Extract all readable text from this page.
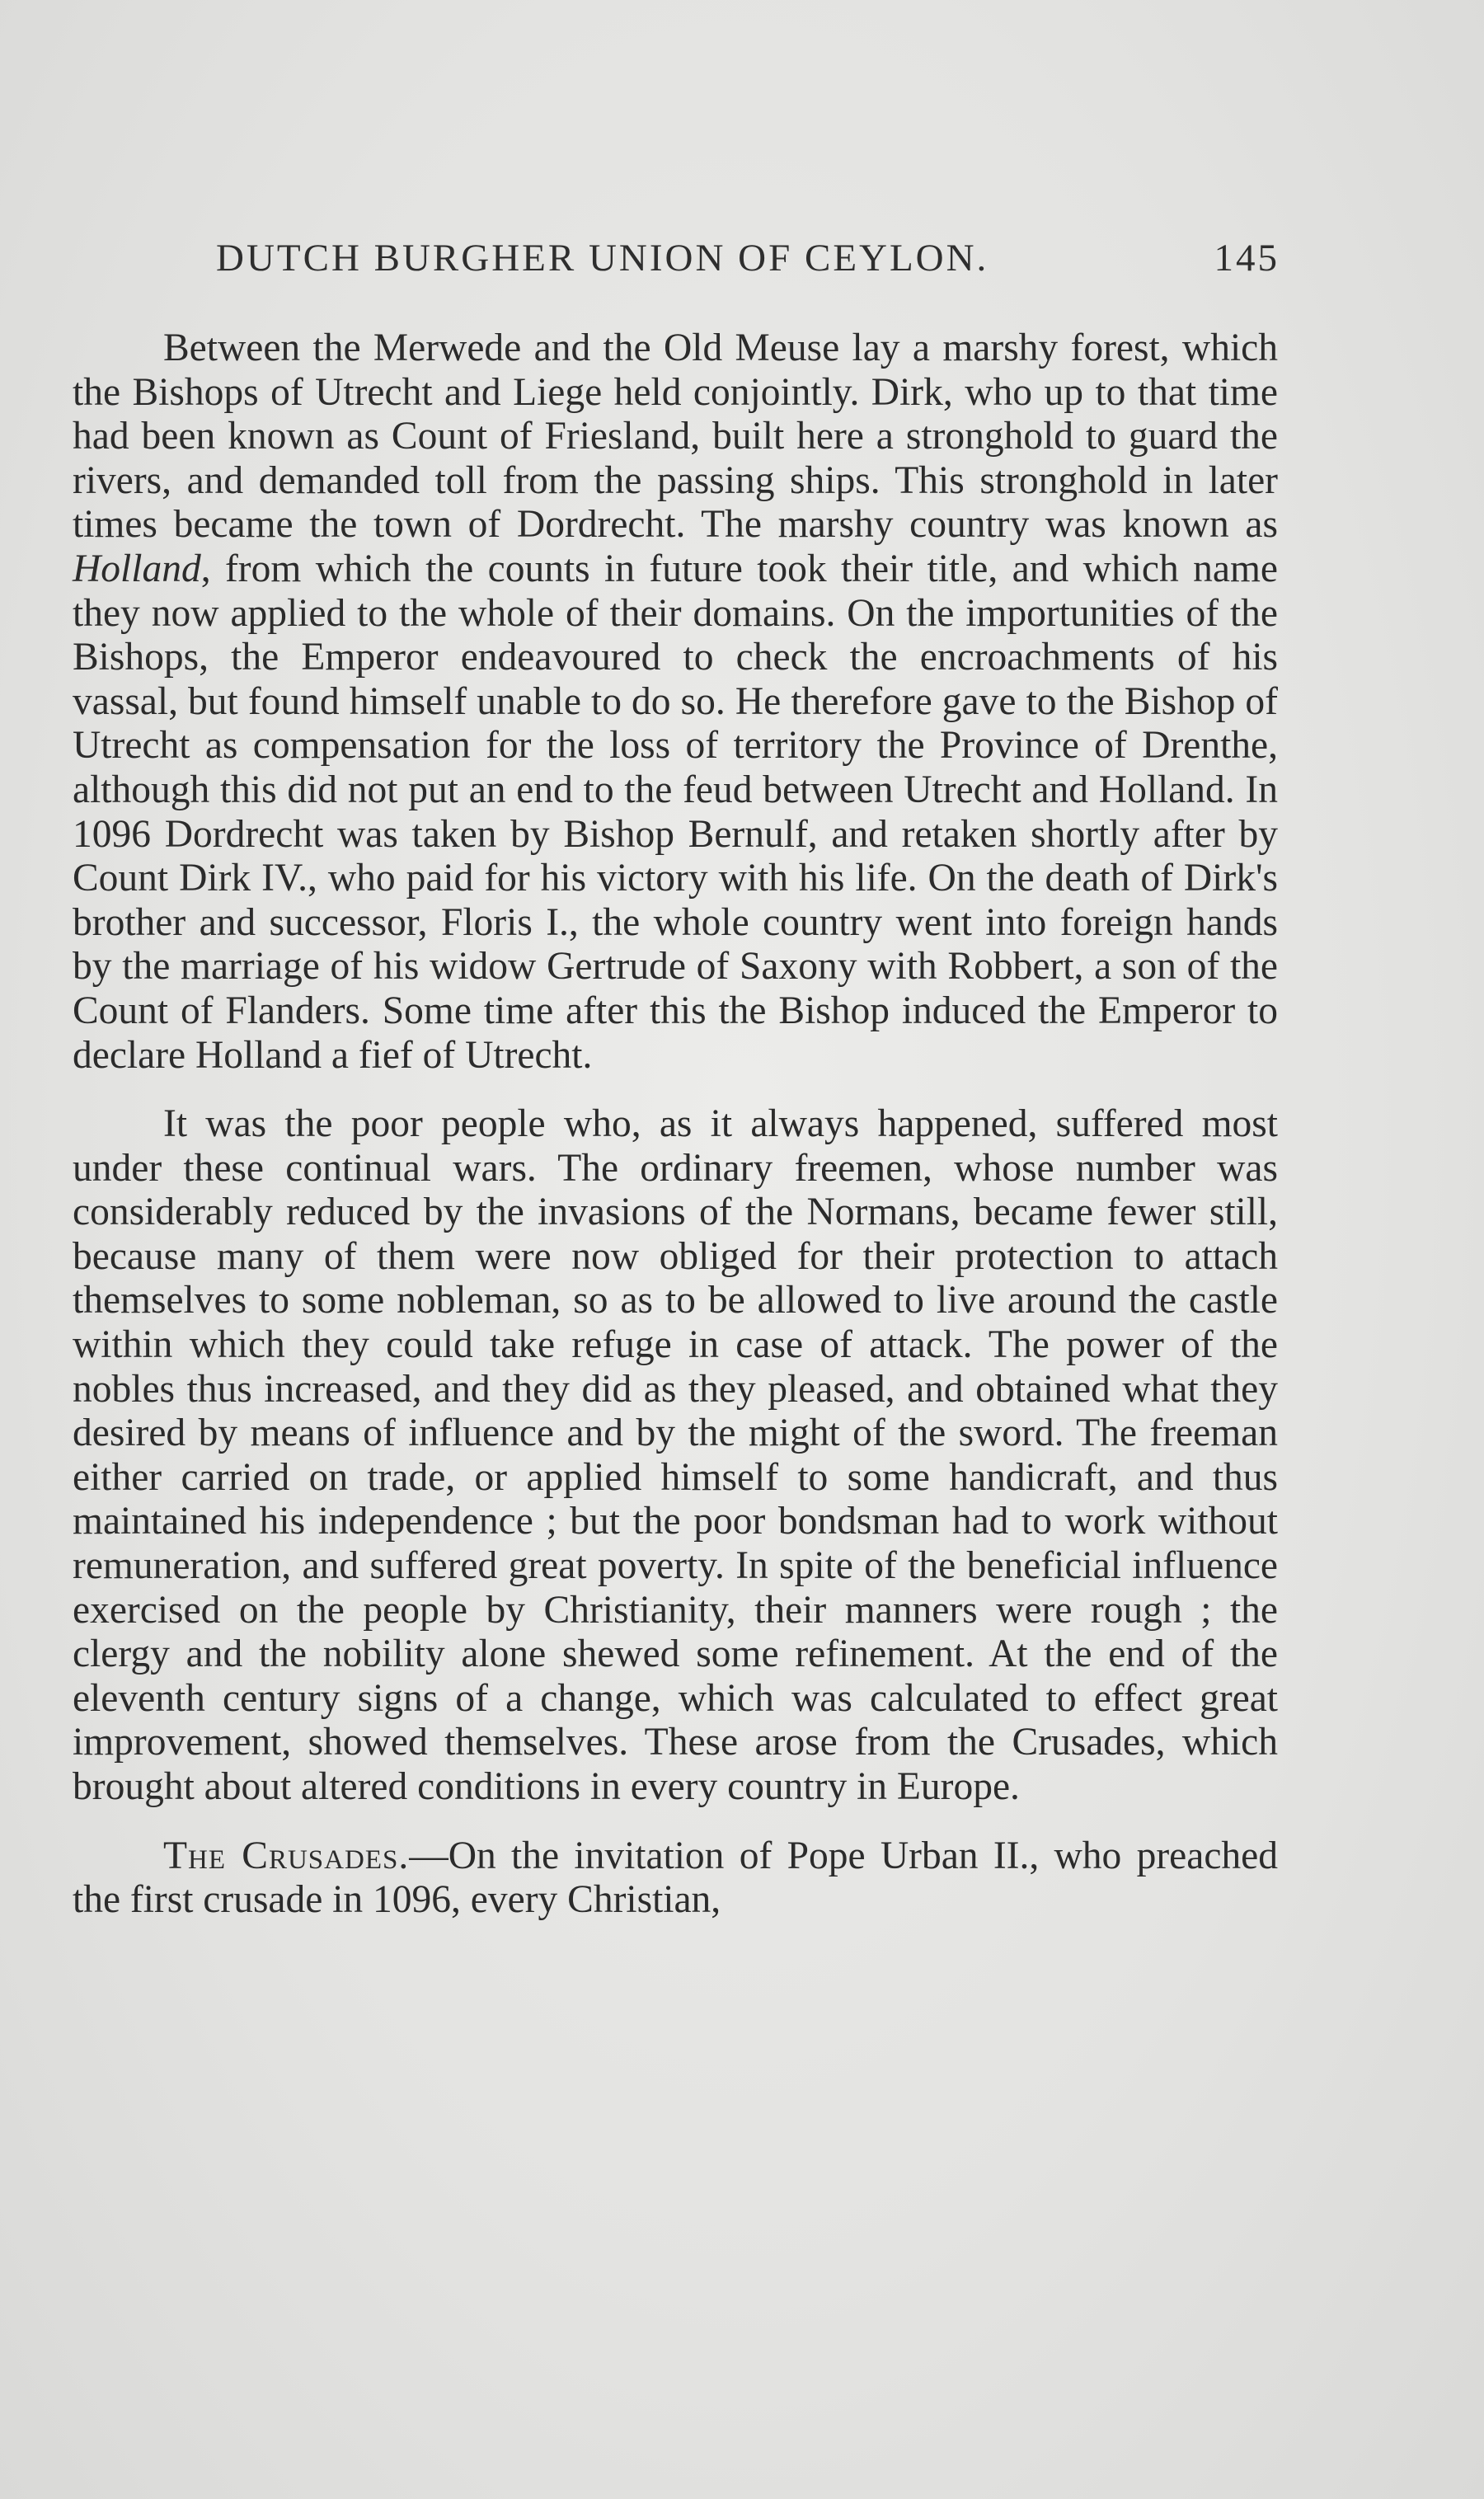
DUTCH BURGHER UNION OF CEYLON.	145

Between the Merwede and the Old Meuse lay a marshy forest, which the Bishops of Utrecht and Liege held conjointly. Dirk, who up to that time had been known as Count of Friesland, built here a stronghold to guard the rivers, and demanded toll from the passing ships. This stronghold in later times became the town of Dordrecht. The marshy country was known as Holland, from which the counts in future took their title, and which name they now applied to the whole of their domains. On the importunities of the Bishops, the Emperor endeavoured to check the encroachments of his vassal, but found himself unable to do so. He therefore gave to the Bishop of Utrecht as compensation for the loss of territory the Province of Drenthe, although this did not put an end to the feud between Utrecht and Holland. In 1096 Dordrecht was taken by Bishop Bernulf, and retaken shortly after by Count Dirk IV., who paid for his victory with his life. On the death of Dirk's brother and successor, Floris I., the whole country went into foreign hands by the marriage of his widow Gertrude of Saxony with Robbert, a son of the Count of Flanders. Some time after this the Bishop induced the Emperor to declare Holland a fief of Utrecht.

It was the poor people who, as it always happened, suffered most under these continual wars. The ordinary freemen, whose number was considerably reduced by the invasions of the Normans, became fewer still, because many of them were now obliged for their protection to attach themselves to some nobleman, so as to be allowed to live around the castle within which they could take refuge in case of attack. The power of the nobles thus increased, and they did as they pleased, and obtained what they desired by means of influence and by the might of the sword. The freeman either carried on trade, or applied himself to some handicraft, and thus maintained his independence ; but the poor bondsman had to work without remuneration, and suffered great poverty. In spite of the beneficial influence exercised on the people by Christianity, their manners were rough ; the clergy and the nobility alone shewed some refinement. At the end of the eleventh century signs of a change, which was calculated to effect great improvement, showed themselves. These arose from the Crusades, which brought about altered conditions in every country in Europe.

The Crusades.—On the invitation of Pope Urban II., who preached the first crusade in 1096, every Christian,
